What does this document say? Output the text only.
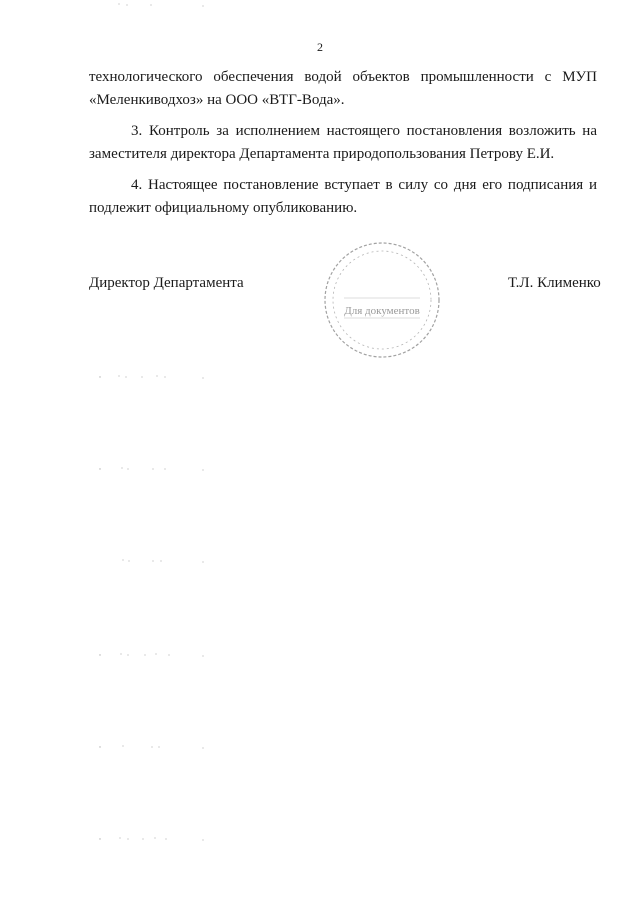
2

технологического обеспечения водой объектов промышленности с МУП «Меленкиводхоз» на ООО «ВТГ-Вода».

3. Контроль за исполнением настоящего постановления возложить на заместителя директора Департамента природопользования Петрову Е.И.

4. Настоящее постановление вступает в силу со дня его подписания и подлежит официальному опубликованию.

Директор Департамента
Для документов
Т.Л. Клименко
